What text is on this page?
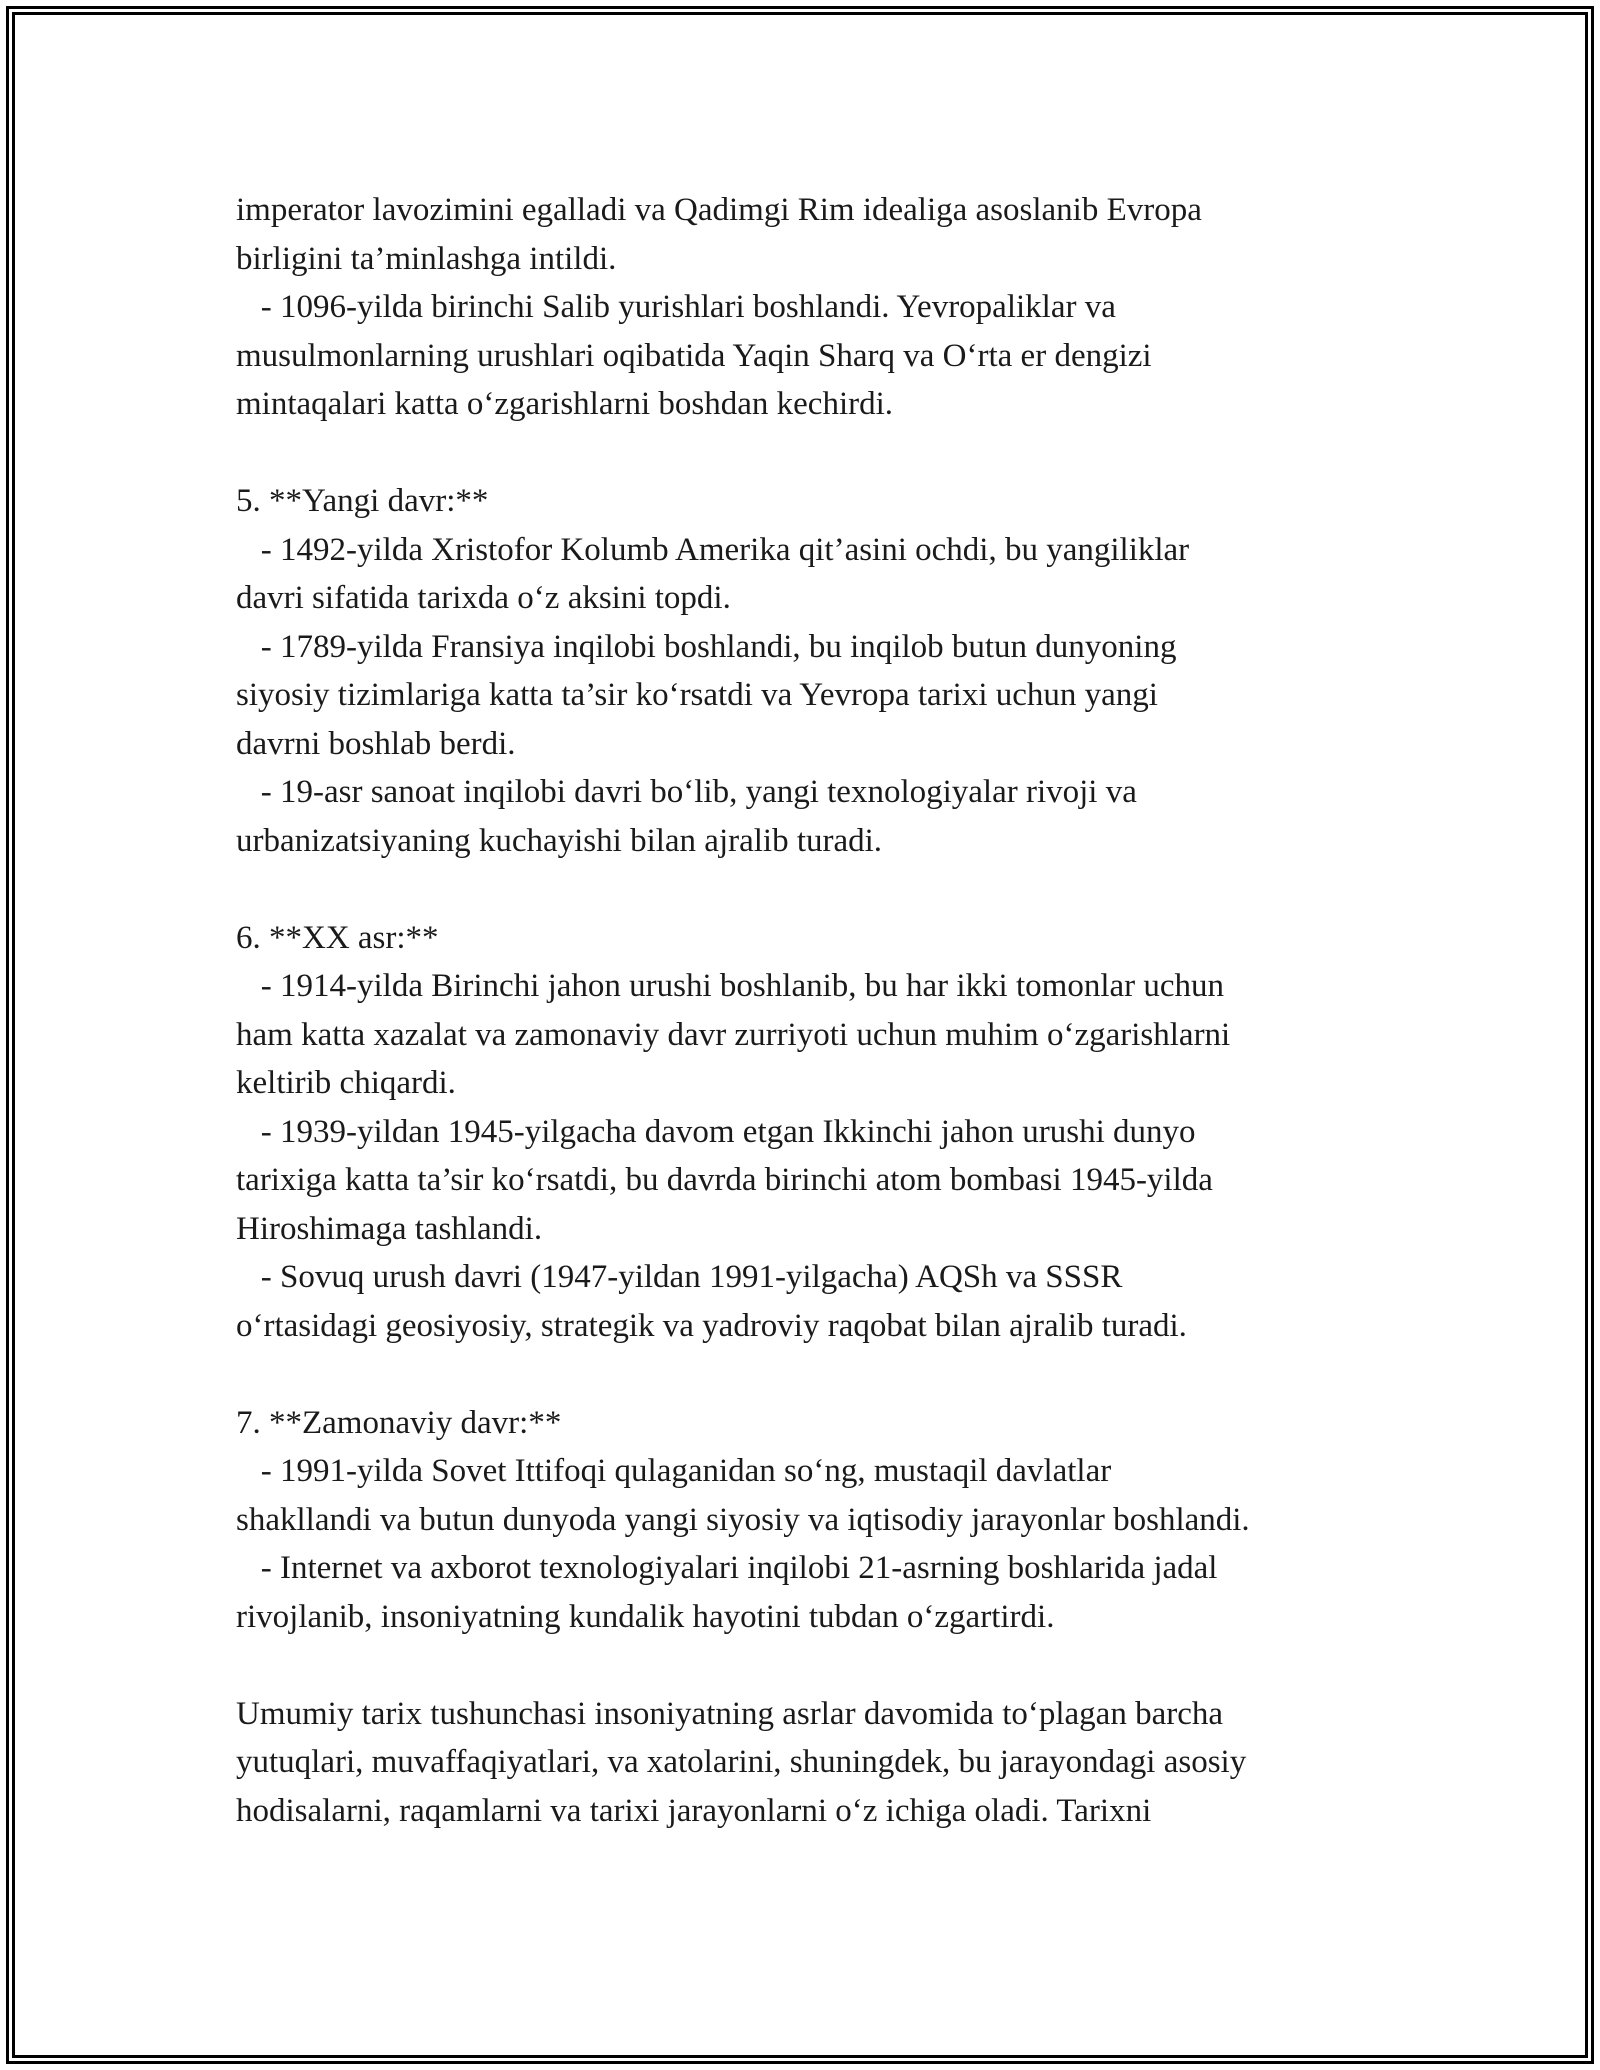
imperator lavozimini egalladi va Qadimgi Rim idealiga asoslanib Evropa
birligini ta’minlashga intildi.
- 1096-yilda birinchi Salib yurishlari boshlandi. Yevropaliklar va
musulmonlarning urushlari oqibatida Yaqin Sharq va O‘rta er dengizi
mintaqalari katta o‘zgarishlarni boshdan kechirdi.
5. **Yangi davr:**
- 1492-yilda Xristofor Kolumb Amerika qit’asini ochdi, bu yangiliklar
davri sifatida tarixda o‘z aksini topdi.
- 1789-yilda Fransiya inqilobi boshlandi, bu inqilob butun dunyoning
siyosiy tizimlariga katta ta’sir ko‘rsatdi va Yevropa tarixi uchun yangi
davrni boshlab berdi.
- 19-asr sanoat inqilobi davri bo‘lib, yangi texnologiyalar rivoji va
urbanizatsiyaning kuchayishi bilan ajralib turadi.
6. **XX asr:**
- 1914-yilda Birinchi jahon urushi boshlanib, bu har ikki tomonlar uchun
ham katta xazalat va zamonaviy davr zurriyoti uchun muhim o‘zgarishlarni
keltirib chiqardi.
- 1939-yildan 1945-yilgacha davom etgan Ikkinchi jahon urushi dunyo
tarixiga katta ta’sir ko‘rsatdi, bu davrda birinchi atom bombasi 1945-yilda
Hiroshimaga tashlandi.
- Sovuq urush davri (1947-yildan 1991-yilgacha) AQSh va SSSR
o‘rtasidagi geosiyosiy, strategik va yadroviy raqobat bilan ajralib turadi.
7. **Zamonaviy davr:**
- 1991-yilda Sovet Ittifoqi qulaganidan so‘ng, mustaqil davlatlar
shakllandi va butun dunyoda yangi siyosiy va iqtisodiy jarayonlar boshlandi.
- Internet va axborot texnologiyalari inqilobi 21-asrning boshlarida jadal
rivojlanib, insoniyatning kundalik hayotini tubdan o‘zgartirdi.
Umumiy tarix tushunchasi insoniyatning asrlar davomida to‘plagan barcha
yutuqlari, muvaffaqiyatlari, va xatolarini, shuningdek, bu jarayondagi asosiy
hodisalarni, raqamlarni va tarixi jarayonlarni o‘z ichiga oladi. Tarixni
